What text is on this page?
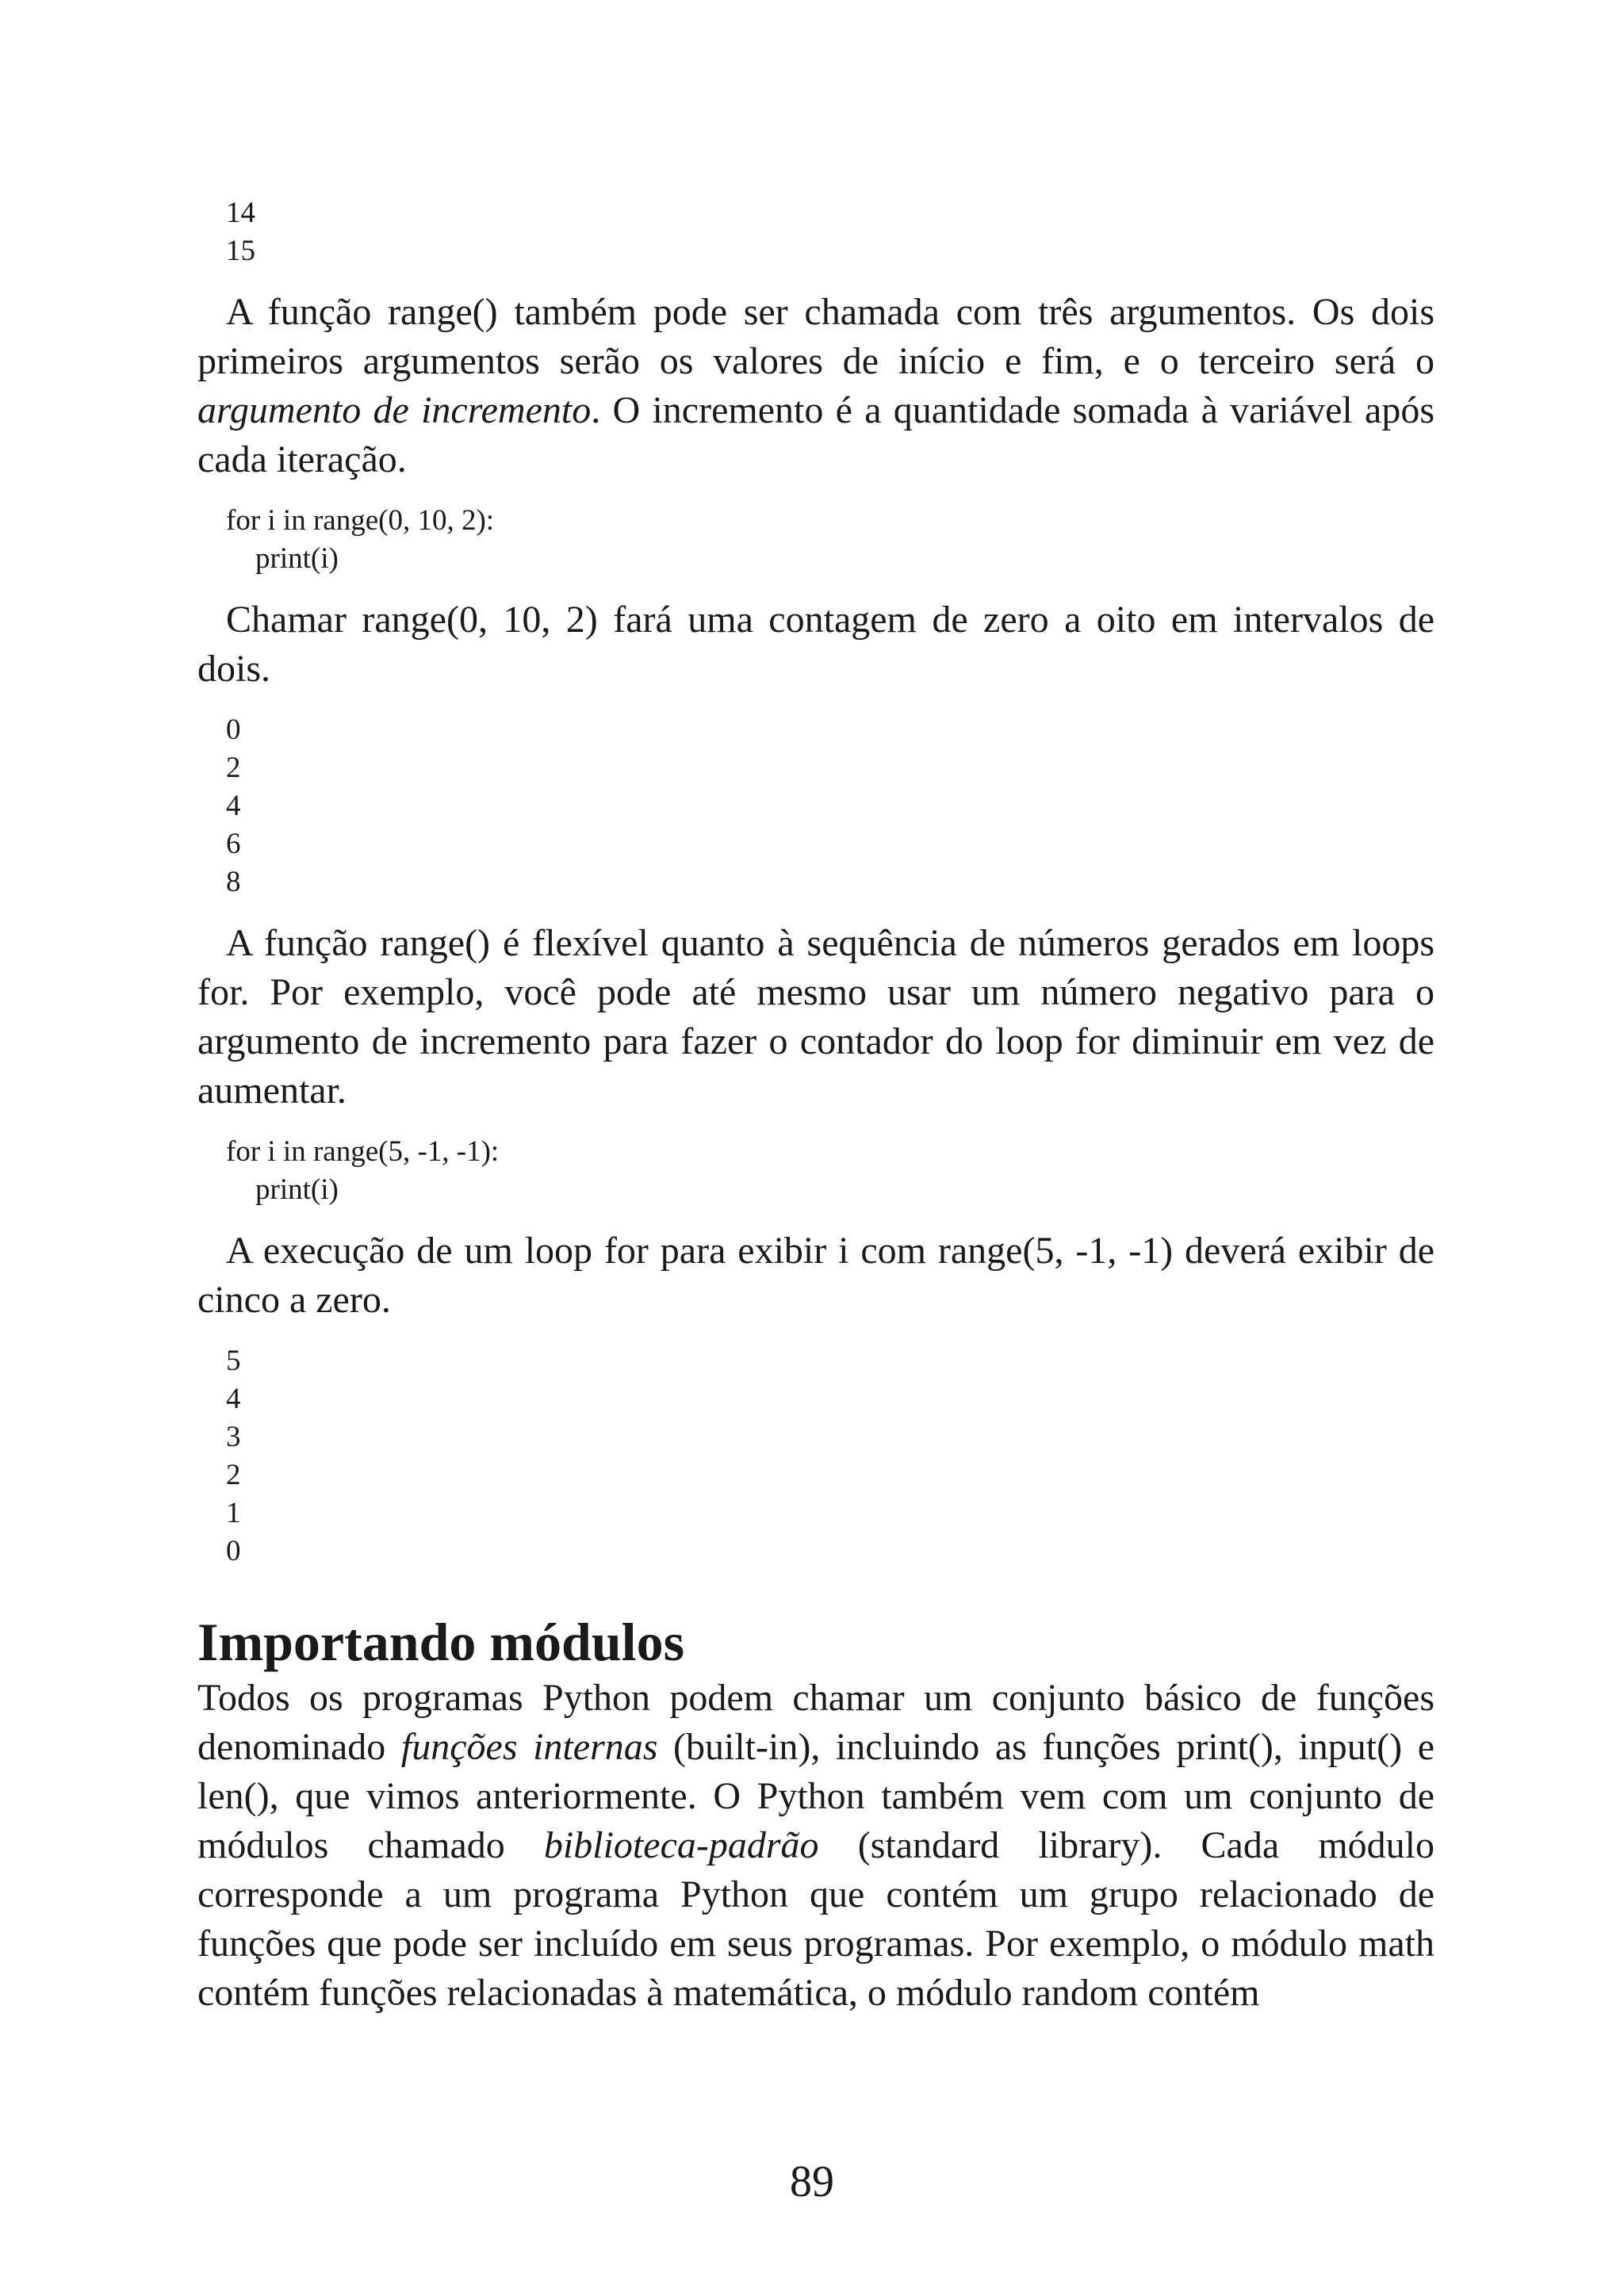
14
15

A função range() também pode ser chamada com três argumentos. Os dois primeiros argumentos serão os valores de início e fim, e o terceiro será o argumento de incremento. O incremento é a quantidade somada à variável após cada iteração.

for i in range(0, 10, 2):
print(i)

Chamar range(0, 10, 2) fará uma contagem de zero a oito em intervalos de dois.

0
2
4
6
8

A função range() é flexível quanto à sequência de números gerados em loops for. Por exemplo, você pode até mesmo usar um número negativo para o argumento de incremento para fazer o contador do loop for diminuir em vez de aumentar.

for i in range(5, -1, -1):
print(i)

A execução de um loop for para exibir i com range(5, -1, -1) deverá exibir de cinco a zero.

5
4
3
2
1
0
Importando módulos

Todos os programas Python podem chamar um conjunto básico de funções denominado funções internas (built-in), incluindo as funções print(), input() e len(), que vimos anteriormente. O Python também vem com um conjunto de módulos chamado biblioteca-padrão (standard library). Cada módulo corresponde a um programa Python que contém um grupo relacionado de funções que pode ser incluído em seus programas. Por exemplo, o módulo math contém funções relacionadas à matemática, o módulo random contém

89
